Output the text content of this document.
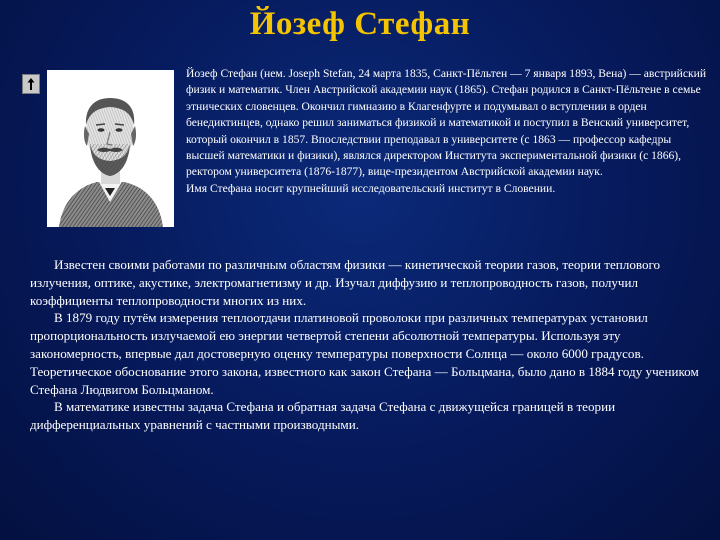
Йозеф Стефан

Йозеф Стефан (нем. Joseph Stefan, 24 марта 1835, Санкт-Пёльтен — 7 января 1893, Вена) — австрийский физик и математик. Член Австрийской академии наук (1865). Стефан родился в Санкт-Пёльтене в семье этнических словенцев. Окончил гимназию в Клагенфурте и подумывал о вступлении в орден бенедиктинцев, однако решил заниматься физикой и математикой и поступил в Венский университет, который окончил в 1857. Впоследствии преподавал в университете (с 1863 — профессор кафедры высшей математики и физики), являлся директором Института экспериментальной физики (с 1866), ректором университета (1876-1877), вице-президентом Австрийской академии наук.

Имя Стефана носит крупнейший исследовательский институт в Словении.

Известен своими работами по различным областям физики — кинетической теории газов, теории теплового излучения, оптике, акустике, электромагнетизму и др. Изучал диффузию и теплопроводность газов, получил коэффициенты теплопроводности многих из них.

В 1879 году путём измерения теплоотдачи платиновой проволоки при различных температурах установил пропорциональность излучаемой ею энергии четвертой степени абсолютной температуры. Используя эту закономерность, впервые дал достоверную оценку температуры поверхности Солнца — около 6000 градусов. Теоретическое обоснование этого закона, известного как закон Стефана — Больцмана, было дано в 1884 году учеником Стефана Людвигом Больцманом.

В математике известны задача Стефана и обратная задача Стефана с движущейся границей в теории дифференциальных уравнений с частными производными.
